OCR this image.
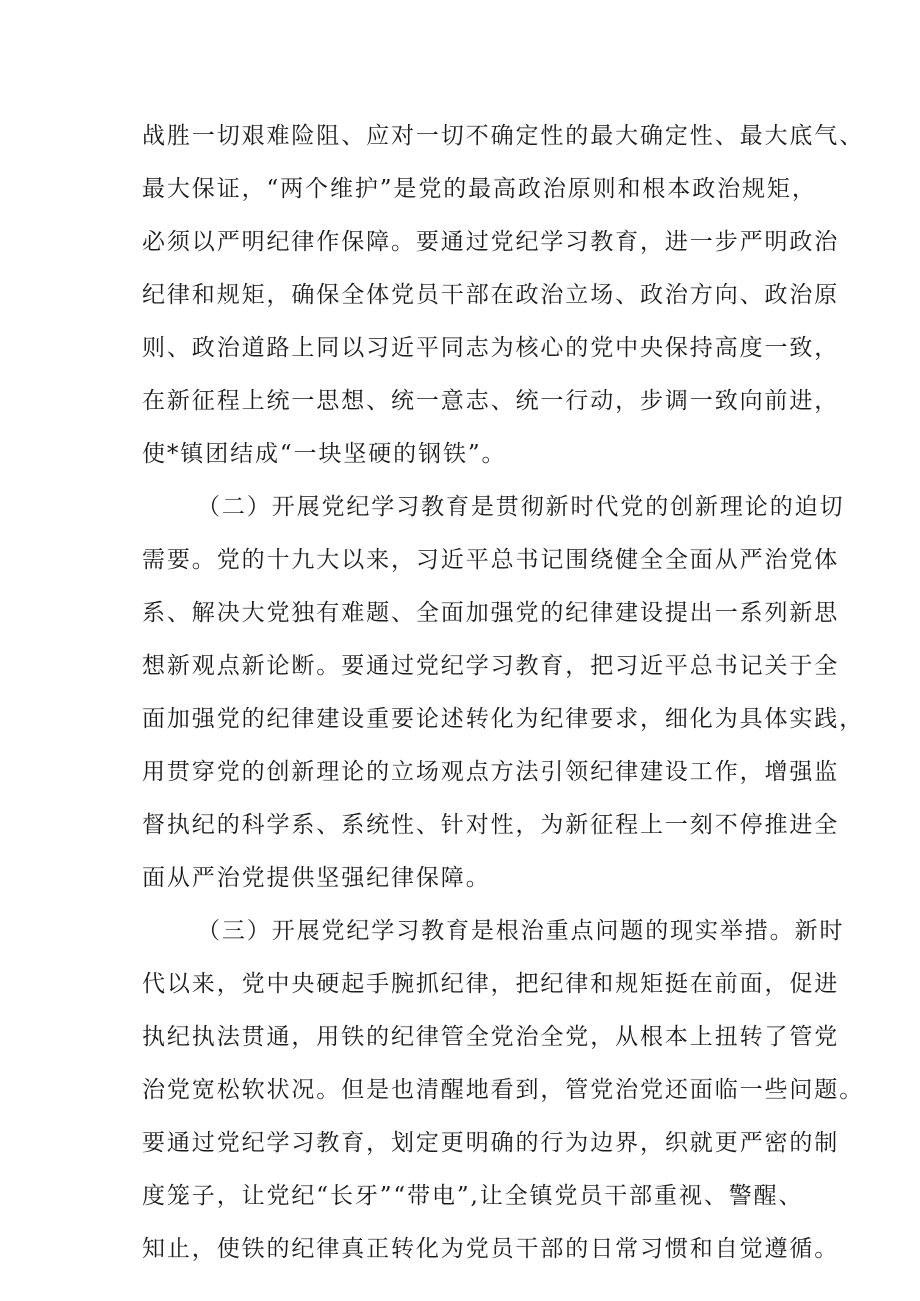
战胜一切艰难险阻、应对一切不确定性的最大确定性、最大底气、
最大保证，“两个维护”是党的最高政治原则和根本政治规矩，
必须以严明纪律作保障。要通过党纪学习教育，进一步严明政治
纪律和规矩，确保全体党员干部在政治立场、政治方向、政治原
则、政治道路上同以习近平同志为核心的党中央保持高度一致，
在新征程上统一思想、统一意志、统一行动，步调一致向前进，
使*镇团结成“一块坚硬的钢铁”。
（二）开展党纪学习教育是贯彻新时代党的创新理论的迫切
需要。党的十九大以来，习近平总书记围绕健全全面从严治党体
系、解决大党独有难题、全面加强党的纪律建设提出一系列新思
想新观点新论断。要通过党纪学习教育，把习近平总书记关于全
面加强党的纪律建设重要论述转化为纪律要求，细化为具体实践，
用贯穿党的创新理论的立场观点方法引领纪律建设工作，增强监
督执纪的科学系、系统性、针对性，为新征程上一刻不停推进全
面从严治党提供坚强纪律保障。
（三）开展党纪学习教育是根治重点问题的现实举措。新时
代以来，党中央硬起手腕抓纪律，把纪律和规矩挺在前面，促进
执纪执法贯通，用铁的纪律管全党治全党，从根本上扭转了管党
治党宽松软状况。但是也清醒地看到，管党治党还面临一些问题。
要通过党纪学习教育，划定更明确的行为边界，织就更严密的制
度笼子，让党纪“长牙”“带电”,让全镇党员干部重视、警醒、
知止，使铁的纪律真正转化为党员干部的日常习惯和自觉遵循。
